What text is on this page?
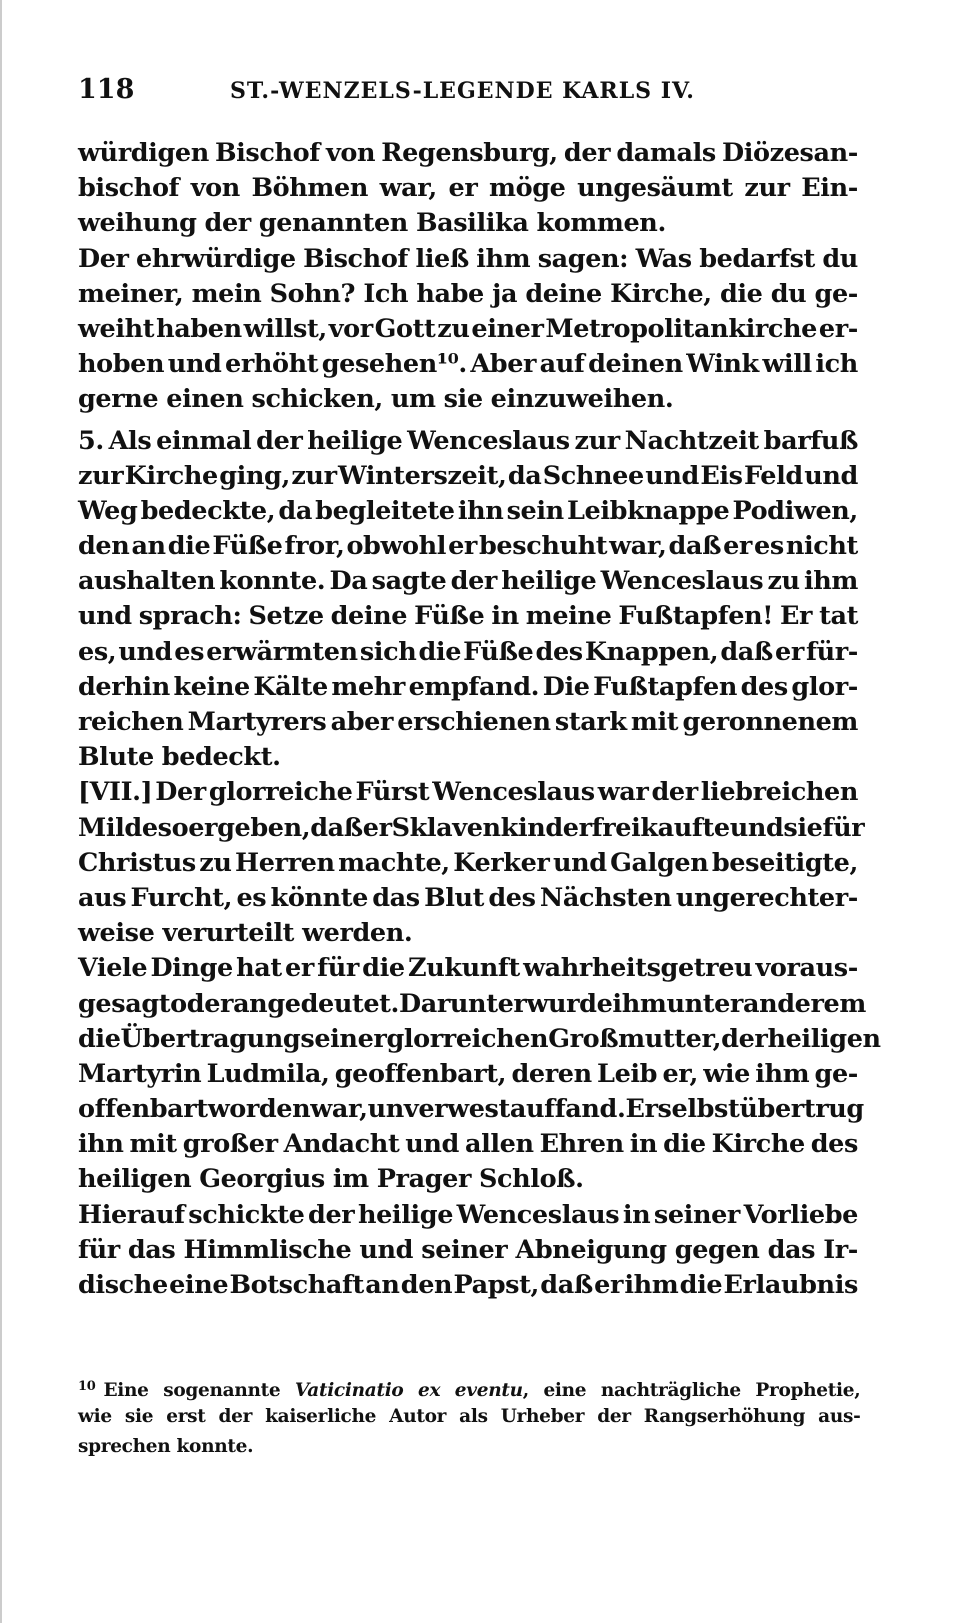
118	ST.-WENZELS-LEGENDE KARLS IV.
würdigen Bischof von Regensburg, der damals Diözesan-
bischof von Böhmen war, er möge ungesäumt zur Ein-
weihung der genannten Basilika kommen.
Der ehrwürdige Bischof ließ ihm sagen: Was bedarfst du
meiner, mein Sohn? Ich habe ja deine Kirche, die du ge-
weiht haben willst, vor Gott zu einer Metropolitankirche er-
hoben und erhöht gesehen¹⁰. Aber auf deinen Wink will ich
gerne einen schicken, um sie einzuweihen.
5. Als einmal der heilige Wenceslaus zur Nachtzeit barfuß
zur Kirche ging, zur Winterszeit, da Schnee und Eis Feld und
Weg bedeckte, da begleitete ihn sein Leibknappe Podiwen,
den an die Füße fror, obwohl er beschuht war, daß er es nicht
aushalten konnte. Da sagte der heilige Wenceslaus zu ihm
und sprach: Setze deine Füße in meine Fußtapfen! Er tat
es, und es erwärmten sich die Füße des Knappen, daß er für-
derhin keine Kälte mehr empfand. Die Fußtapfen des glor-
reichen Martyrers aber erschienen stark mit geronnenem
Blute bedeckt.
[VII.] Der glorreiche Fürst Wenceslaus war der liebreichen
Milde so ergeben, daß er Sklavenkinder freikaufte und sie für
Christus zu Herren machte, Kerker und Galgen beseitigte,
aus Furcht, es könnte das Blut des Nächsten ungerechter-
weise verurteilt werden.
Viele Dinge hat er für die Zukunft wahrheitsgetreu voraus-
gesagt oder angedeutet. Darunter wurde ihm unter anderem
die Übertragung seiner glorreichen Großmutter, der heiligen
Martyrin Ludmila, geoffenbart, deren Leib er, wie ihm ge-
offenbart worden war, unverwest auffand. Er selbst übertrug
ihn mit großer Andacht und allen Ehren in die Kirche des
heiligen Georgius im Prager Schloß.
Hierauf schickte der heilige Wenceslaus in seiner Vorliebe
für das Himmlische und seiner Abneigung gegen das Ir-
dische eine Botschaft an den Papst, daß er ihm die Erlaubnis
$^{10}$ Eine sogenannte Vaticinatio ex eventu, eine nachträgliche Prophetie,
wie sie erst der kaiserliche Autor als Urheber der Rangserhöhung aus-
sprechen konnte.
